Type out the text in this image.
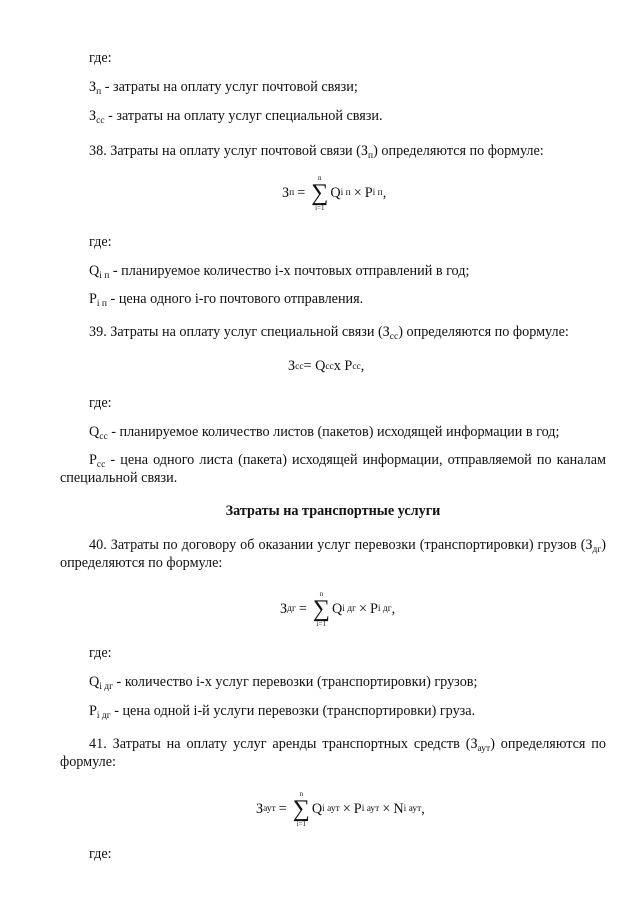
где:
$З_п$ - затраты на оплату услуг почтовой связи;
$З_{сс}$ - затраты на оплату услуг специальной связи.
38. Затраты на оплату услуг почтовой связи $(З_п)$ определяются по формуле:
З п =
n
∑
i=1
Q i п × P i п ,
где:
$Q_{i п}$ - планируемое количество i-х почтовых отправлений в год;
$P_{i п}$ - цена одного i-го почтового отправления.
39. Затраты на оплату услуг специальной связи $(З_{сс})$ определяются по формуле:
З сс = Q сс x P сс ,
где:
$Q_{сс}$ - планируемое количество листов (пакетов) исходящей информации в год;
$P_{сс}$ - цена одного листа (пакета) исходящей информации, отправляемой по каналам специальной связи.
Затраты на транспортные услуги
40. Затраты по договору об оказании услуг перевозки (транспортировки) грузов $(З_{дг})$ определяются по формуле:
З дг =
n
∑
i=1
Q i дг × P i дг ,
где:
$Q_{i дг}$ - количество i-х услуг перевозки (транспортировки) грузов;
$P_{i дг}$ - цена одной i-й услуги перевозки (транспортировки) груза.
41. Затраты на оплату услуг аренды транспортных средств $(З_{аут})$ определяются по формуле:
З аут =
n
∑
i=1
Q i аут × P i аут × N i аут ,
где:
